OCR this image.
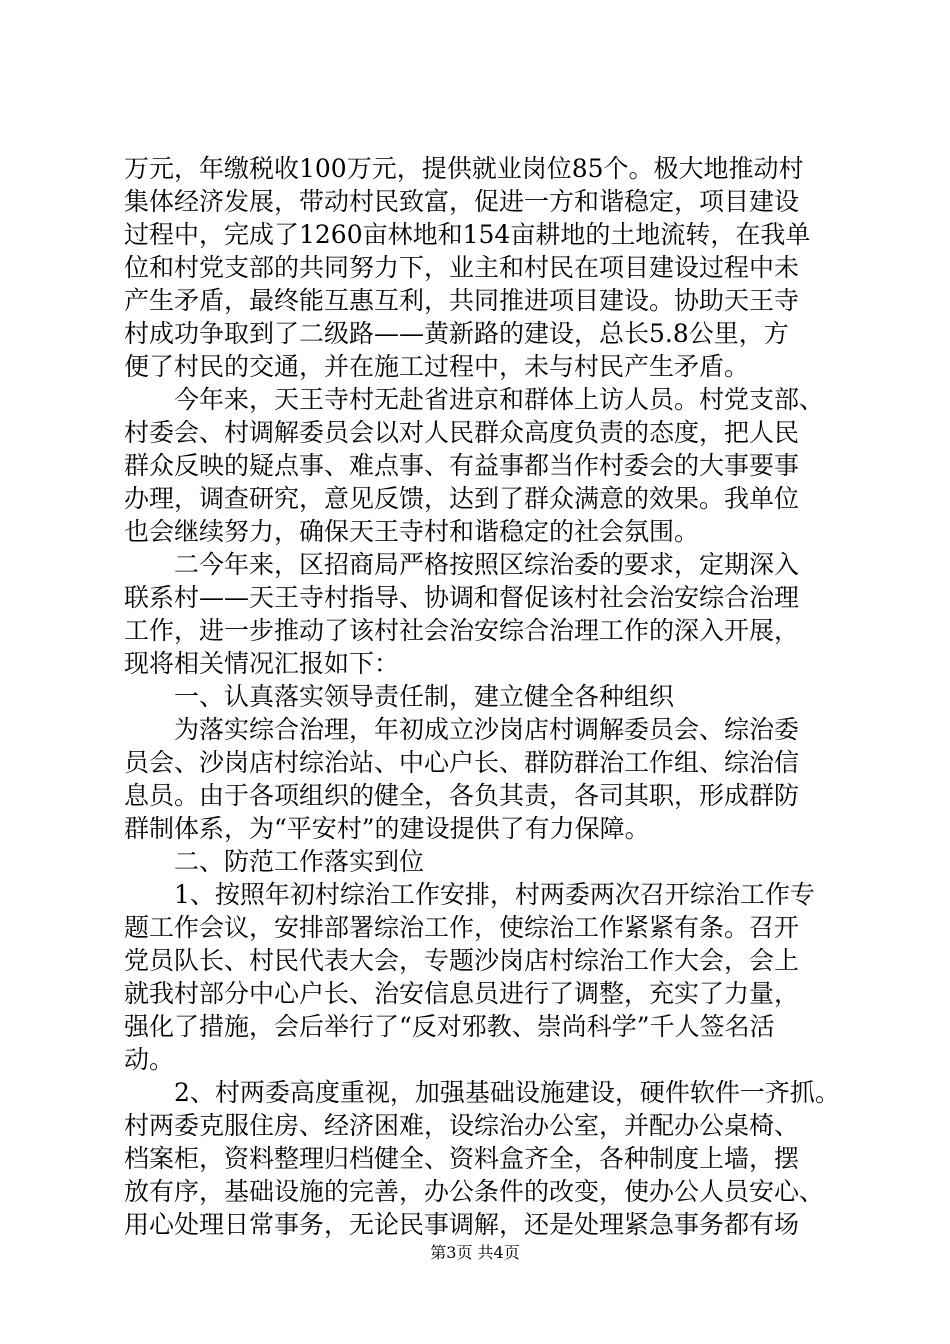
万元，年缴税收100万元，提供就业岗位85个。极大地推动村
集体经济发展，带动村民致富，促进一方和谐稳定，项目建设
过程中，完成了1260亩林地和154亩耕地的土地流转，在我单
位和村党支部的共同努力下，业主和村民在项目建设过程中未
产生矛盾，最终能互惠互利，共同推进项目建设。协助天王寺
村成功争取到了二级路——黄新路的建设，总长5.8公里，方
便了村民的交通，并在施工过程中，未与村民产生矛盾。
　　今年来，天王寺村无赴省进京和群体上访人员。村党支部、
村委会、村调解委员会以对人民群众高度负责的态度，把人民
群众反映的疑点事、难点事、有益事都当作村委会的大事要事
办理，调查研究，意见反馈，达到了群众满意的效果。我单位
也会继续努力，确保天王寺村和谐稳定的社会氛围。
　　二今年来，区招商局严格按照区综治委的要求，定期深入
联系村——天王寺村指导、协调和督促该村社会治安综合治理
工作，进一步推动了该村社会治安综合治理工作的深入开展，
现将相关情况汇报如下：
　　一、认真落实领导责任制，建立健全各种组织
　　为落实综合治理，年初成立沙岗店村调解委员会、综治委
员会、沙岗店村综治站、中心户长、群防群治工作组、综治信
息员。由于各项组织的健全，各负其责，各司其职，形成群防
群制体系，为“平安村”的建设提供了有力保障。
　　二、防范工作落实到位
　　1、按照年初村综治工作安排，村两委两次召开综治工作专
题工作会议，安排部署综治工作，使综治工作紧紧有条。召开
党员队长、村民代表大会，专题沙岗店村综治工作大会，会上
就我村部分中心户长、治安信息员进行了调整，充实了力量，
强化了措施，会后举行了“反对邪教、崇尚科学”千人签名活
动。
　　2、村两委高度重视，加强基础设施建设，硬件软件一齐抓。
村两委克服住房、经济困难，设综治办公室，并配办公桌椅、
档案柜，资料整理归档健全、资料盒齐全，各种制度上墙，摆
放有序，基础设施的完善，办公条件的改变，使办公人员安心、
用心处理日常事务，无论民事调解，还是处理紧急事务都有场
第3页 共4页
